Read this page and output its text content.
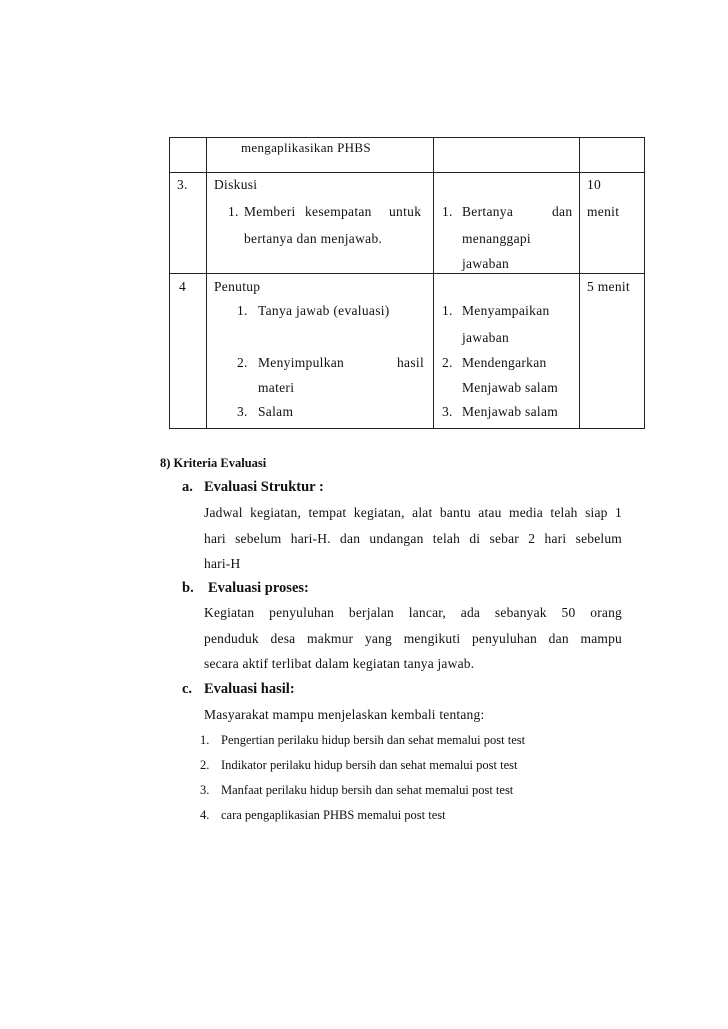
mengaplikasikan PHBS
3. Diskusi
1. Memberi kesempatan untuk
bertanya dan menjawab.
1. Bertanya	dan
menanggapi
jawaban
10
menit
4 Penutup
1. Tanya jawab (evaluasi)
2. Menyimpulkan	hasil
materi
3. Salam
1. Menyampaikan
jawaban
2. Mendengarkan
Menjawab salam
3. Menjawab salam
5 menit
8) Kriteria Evaluasi
a. Evaluasi Struktur :
Jadwal kegiatan, tempat kegiatan, alat bantu atau media telah siap 1
hari sebelum hari-H. dan undangan telah di sebar 2 hari sebelum
hari-H
b. Evaluasi proses:
Kegiatan penyuluhan berjalan lancar, ada sebanyak 50 orang
penduduk desa makmur yang mengikuti penyuluhan dan mampu
secara aktif terlibat dalam kegiatan tanya jawab.
c. Evaluasi hasil:
Masyarakat mampu menjelaskan kembali tentang:
1. Pengertian perilaku hidup bersih dan sehat memalui post test
2. Indikator perilaku hidup bersih dan sehat memalui post test
3. Manfaat perilaku hidup bersih dan sehat memalui post test
4. cara pengaplikasian PHBS memalui post test
